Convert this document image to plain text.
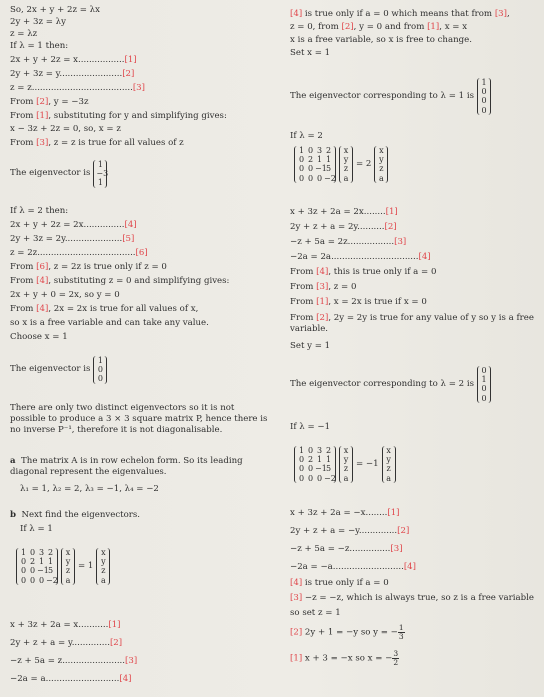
So, 2x + y + 2z = λx
2y + 3z = λy
z = λz
If λ = 1 then:
2x + y + 2z = x.................[1]
2y + 3z = y.......................[2]
z = z.....................................[3]
From [2], y = −3z
From [1], substituting for y and simplifying gives:
x − 3z + 2z = 0, so, x = z
From [3], z = z is true for all values of z
The eigenvector is
1
−3
1
If λ = 2 then:
2x + y + 2z = 2x...............[4]
2y + 3z = 2y.....................[5]
z = 2z....................................[6]
From [6], z = 2z is true only if z = 0
From [4], substituting z = 0 and simplifying gives:
2x + y + 0 = 2x, so y = 0
From [4], 2x = 2x is true for all values of x,
so x is a free variable and can take any value.
Choose x = 1
The eigenvector is
1
0
0
There are only two distinct eigenvectors so it is not possible to produce a 3 × 3 square matrix P, hence there is no inverse P⁻¹, therefore it is not diagonalisable.
a The matrix A is in row echelon form. So its leading diagonal represent the eigenvalues.
λ₁ = 1, λ₂ = 2, λ₃ = −1, λ₄ = −2
b Next find the eigenvectors.
If λ = 1
1 0 3 2
0 2 1 1
0 0 −1 5
0 0 0 −2
x
y
z
a
= 1
x
y
z
a
x + 3z + 2a = x...........[1]
2y + z + a = y..............[2]
−z + 5a = z.......................[3]
−2a = a...........................[4]
[4] is true only if a = 0 which means that from [3],
z = 0, from [2], y = 0 and from [1], x = x
x is a free variable, so x is free to change.
Set x = 1
The eigenvector corresponding to λ = 1 is
1
0
0
0
If λ = 2
1 0 3 2
0 2 1 1
0 0 −1 5
0 0 0 −2
x
y
z
a
= 2
x
y
z
a
x + 3z + 2a = 2x........[1]
2y + z + a = 2y..........[2]
−z + 5a = 2z.................[3]
−2a = 2a................................[4]
From [4], this is true only if a = 0
From [3], z = 0
From [1], x = 2x is true if x = 0
From [2], 2y = 2y is true for any value of y so y is a free variable.
Set y = 1
The eigenvector corresponding to λ = 2 is
0
1
0
0
If λ = −1
1 0 3 2
0 2 1 1
0 0 −1 5
0 0 0 −2
x
y
z
a
= −1
x
y
z
a
x + 3z + 2a = −x........[1]
2y + z + a = −y..............[2]
−z + 5a = −z...............[3]
−2a = −a..........................[4]
[4] is true only if a = 0
[3] −z = −z, which is always true, so z is a free variable
so set z = 1
[2] 2y + 1 = −y so y = − $\frac{1}{3}$
[1] x + 3 = −x so x = − $\frac{3}{2}$
